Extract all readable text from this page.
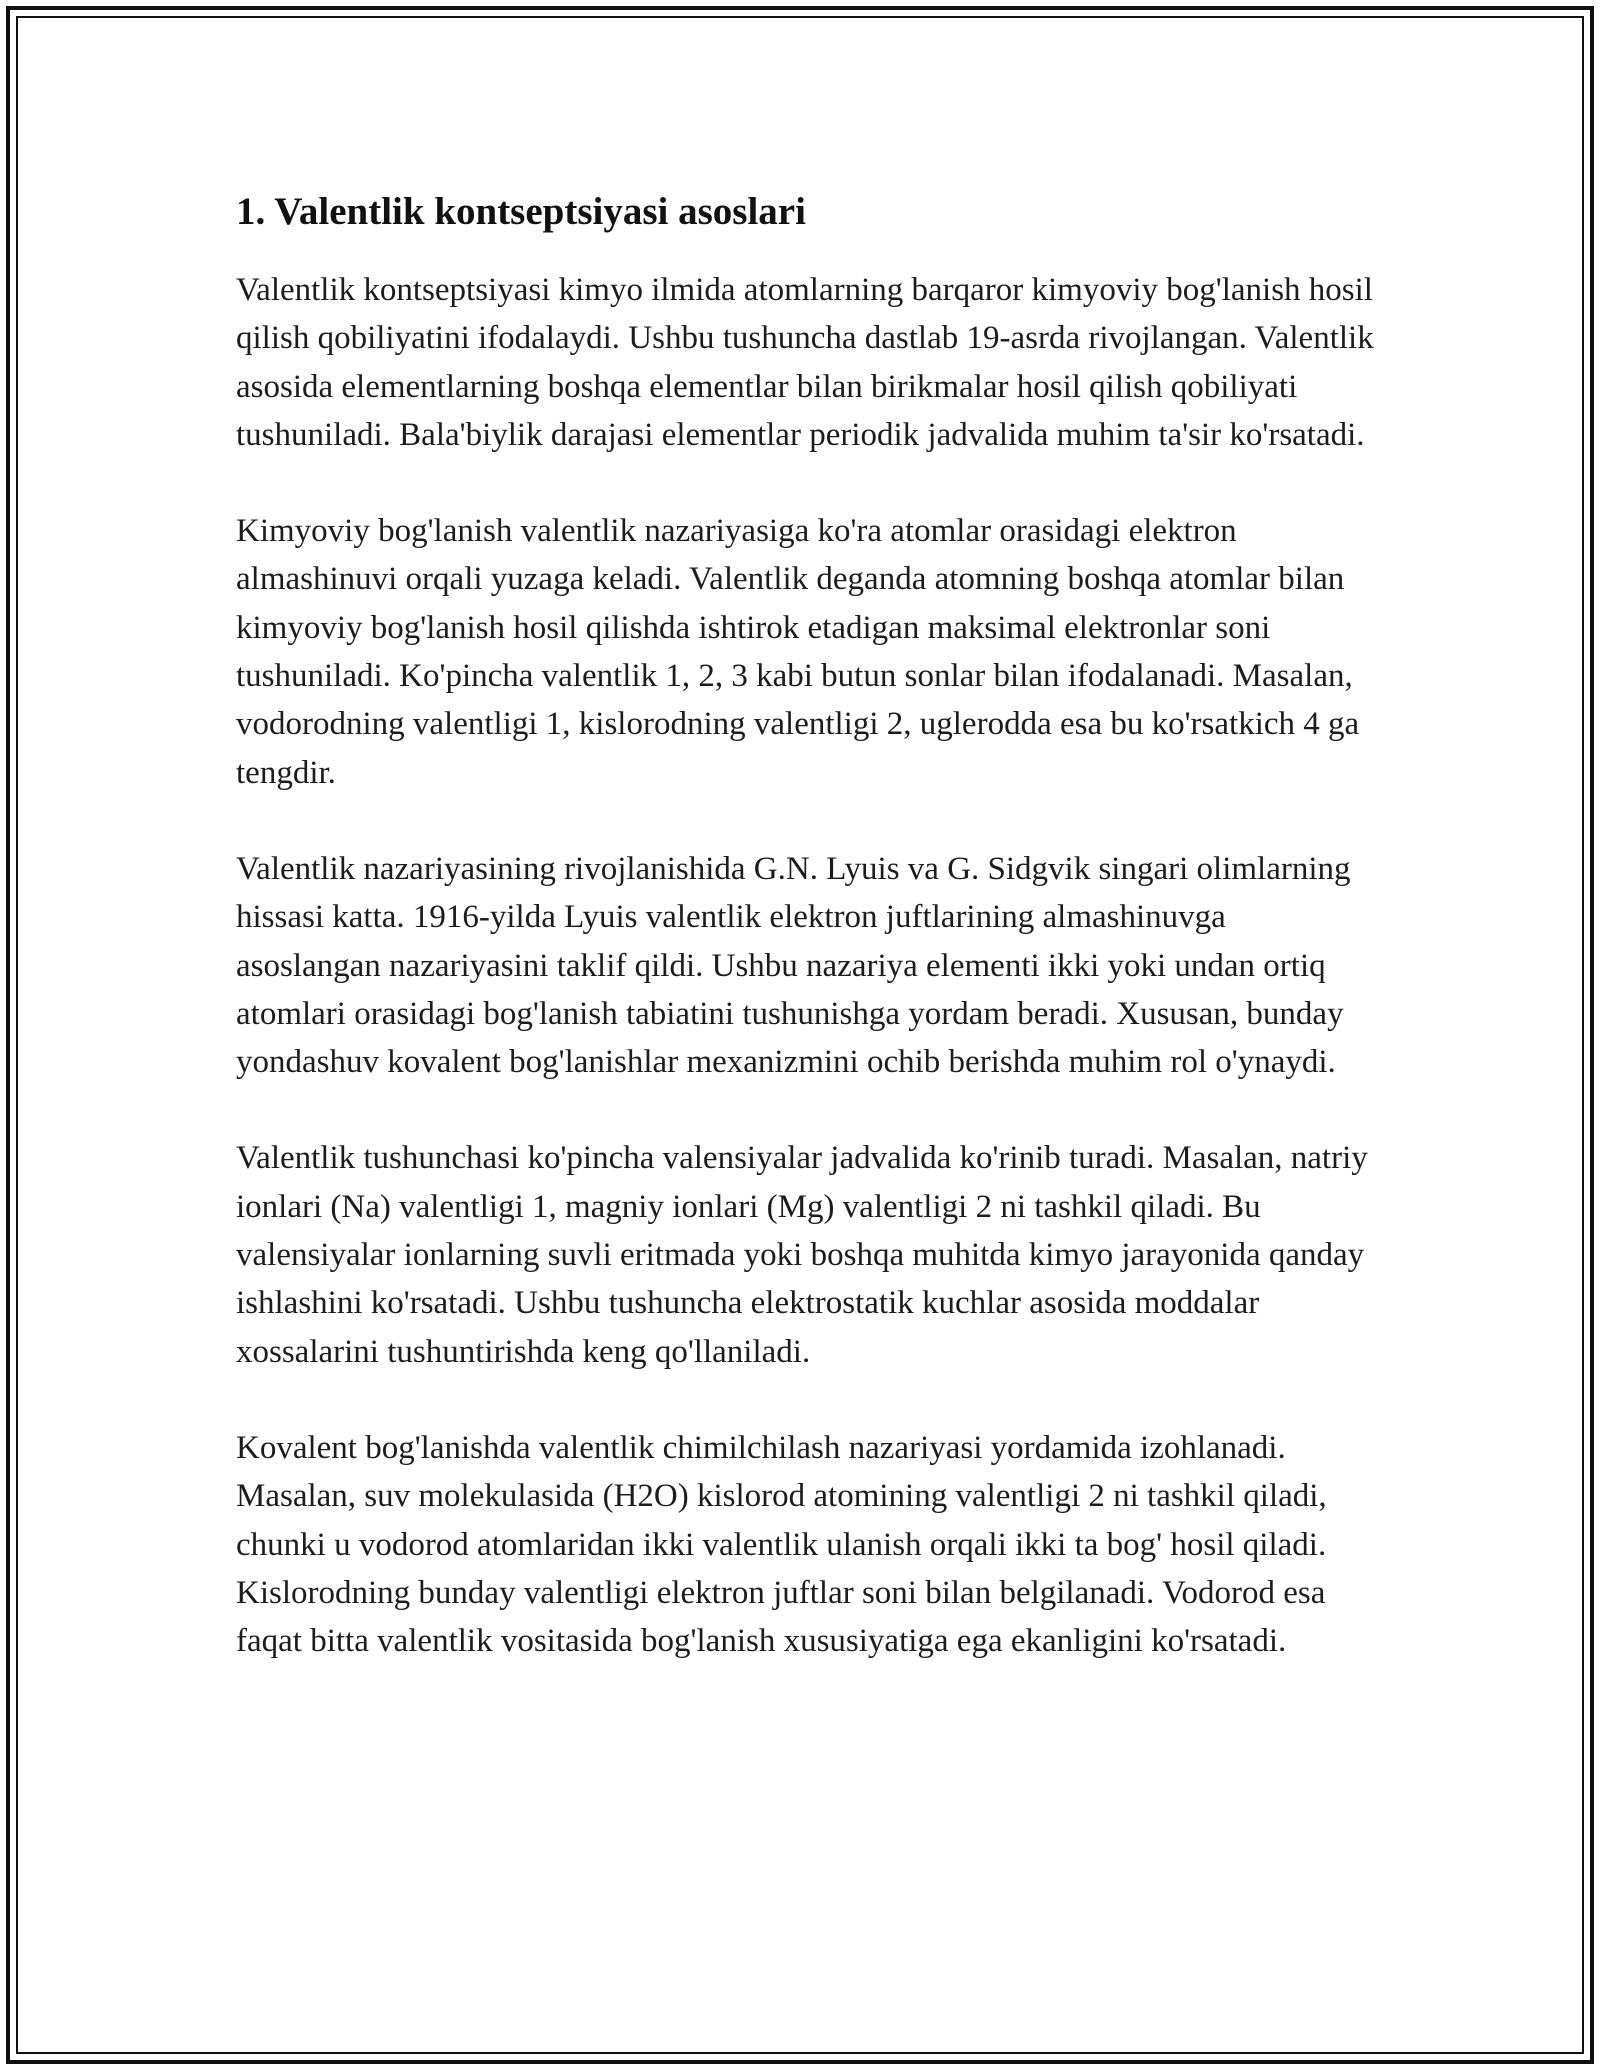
1. Valentlik kontseptsiyasi asoslari

Valentlik kontseptsiyasi kimyo ilmida atomlarning barqaror kimyoviy bog'lanish hosil qilish qobiliyatini ifodalaydi. Ushbu tushuncha dastlab 19-asrda rivojlangan. Valentlik asosida elementlarning boshqa elementlar bilan birikmalar hosil qilish qobiliyati tushuniladi. Bala'biylik darajasi elementlar periodik jadvalida muhim ta'sir ko'rsatadi.

Kimyoviy bog'lanish valentlik nazariyasiga ko'ra atomlar orasidagi elektron almashinuvi orqali yuzaga keladi. Valentlik deganda atomning boshqa atomlar bilan kimyoviy bog'lanish hosil qilishda ishtirok etadigan maksimal elektronlar soni tushuniladi. Ko'pincha valentlik 1, 2, 3 kabi butun sonlar bilan ifodalanadi. Masalan, vodorodning valentligi 1, kislorodning valentligi 2, uglerodda esa bu ko'rsatkich 4 ga tengdir.

Valentlik nazariyasining rivojlanishida G.N. Lyuis va G. Sidgvik singari olimlarning hissasi katta. 1916-yilda Lyuis valentlik elektron juftlarining almashinuvga asoslangan nazariyasini taklif qildi. Ushbu nazariya elementi ikki yoki undan ortiq atomlari orasidagi bog'lanish tabiatini tushunishga yordam beradi. Xususan, bunday yondashuv kovalent bog'lanishlar mexanizmini ochib berishda muhim rol o'ynaydi.

Valentlik tushunchasi ko'pincha valensiyalar jadvalida ko'rinib turadi. Masalan, natriy ionlari (Na) valentligi 1, magniy ionlari (Mg) valentligi 2 ni tashkil qiladi. Bu valensiyalar ionlarning suvli eritmada yoki boshqa muhitda kimyo jarayonida qanday ishlashini ko'rsatadi. Ushbu tushuncha elektrostatik kuchlar asosida moddalar xossalarini tushuntirishda keng qo'llaniladi.

Kovalent bog'lanishda valentlik chimilchilash nazariyasi yordamida izohlanadi. Masalan, suv molekulasida (H2O) kislorod atomining valentligi 2 ni tashkil qiladi, chunki u vodorod atomlaridan ikki valentlik ulanish orqali ikki ta bog' hosil qiladi. Kislorodning bunday valentligi elektron juftlar soni bilan belgilanadi. Vodorod esa faqat bitta valentlik vositasida bog'lanish xususiyatiga ega ekanligini ko'rsatadi.
